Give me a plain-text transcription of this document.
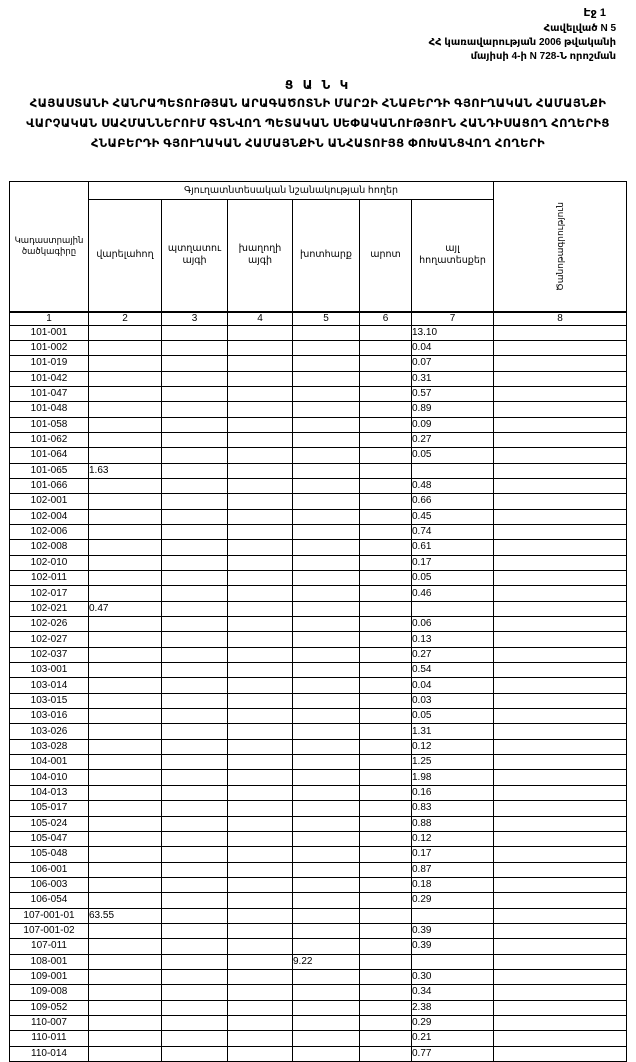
Էջ 1
Հավելված N 5
ՀՀ կառավարության 2006 թվականի
մայիսի 4-ի N 728-Ն որոշման
Ց Ա Ն Կ
ՀԱՅԱՍՏԱՆԻ ՀԱՆՐԱՊԵՏՈՒԹՅԱՆ ԱՐԱԳԱԾՈՏՆԻ ՄԱՐԶԻ ՀՆԱԲԵՐԴԻ ԳՅՈՒՂԱԿԱՆ ՀԱՄԱՅՆՔԻ ՎԱՐՉԱԿԱՆ ՍԱՀՄԱՆՆԵՐՈՒՄ ԳՏՆՎՈՂ ՊԵՏԱԿԱՆ ՍԵՓԱԿԱՆՈՒԹՅՈՒՆ ՀԱՆԴԻՍԱՑՈՂ ՀՈՂԵՐԻՑ ՀՆԱԲԵՐԴԻ ԳՅՈՒՂԱԿԱՆ ՀԱՄԱՅՆՔԻՆ ԱՆՀԱՏՈՒՅՑ ՓՈԽԱՆՑՎՈՂ ՀՈՂԵՐԻ
Կադաստրային ծածկագիրը	Գյուղատնտեսական նշանակության հողեր						Ծանոթագրություն
	վարելահող	պտղատու այգի	խաղողի այգի	խոտհարք	արոտ	այլ հողատեսքեր	
1	2	3	4	5	6	7	8
101-001						13.10	
101-002						0.04	
101-019						0.07	
101-042						0.31	
101-047						0.57	
101-048						0.89	
101-058						0.09	
101-062						0.27	
101-064						0.05	
101-065	1.63						
101-066						0.48	
102-001						0.66	
102-004						0.45	
102-006						0.74	
102-008						0.61	
102-010						0.17	
102-011						0.05	
102-017						0.46	
102-021	0.47						
102-026						0.06	
102-027						0.13	
102-037						0.27	
103-001						0.54	
103-014						0.04	
103-015						0.03	
103-016						0.05	
103-026						1.31	
103-028						0.12	
104-001						1.25	
104-010						1.98	
104-013						0.16	
105-017						0.83	
105-024						0.88	
105-047						0.12	
105-048						0.17	
106-001						0.87	
106-003						0.18	
106-054						0.29	
107-001-01	63.55						
107-001-02						0.39	
107-011						0.39	
108-001				9.22			
109-001						0.30	
109-008						0.34	
109-052						2.38	
110-007						0.29	
110-011						0.21	
110-014						0.77	
